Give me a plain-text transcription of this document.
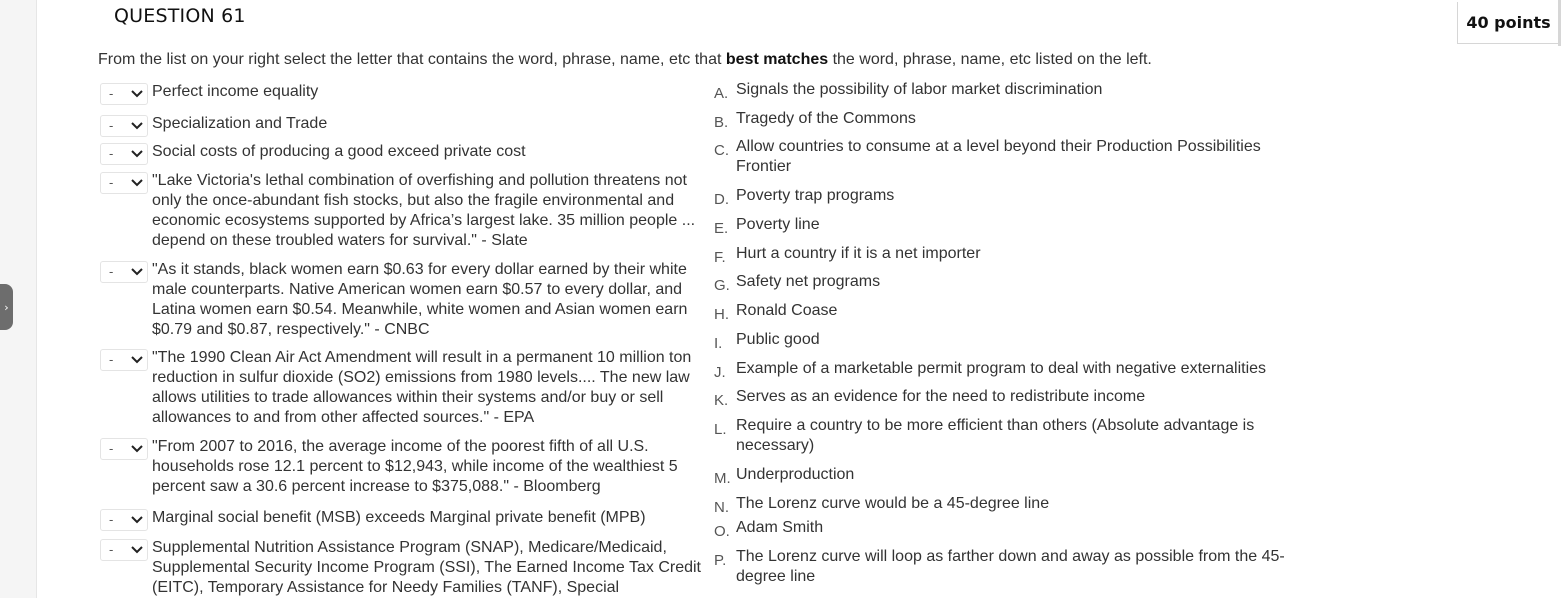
›
QUESTION 61	40 points
From the list on your right select the letter that contains the word, phrase, name, etc that best matches the word, phrase, name, etc listed on the left.
- Perfect income equality
- Specialization and Trade
- Social costs of producing a good exceed private cost
- "Lake Victoria's lethal combination of overfishing and pollution threatens not only the once-abundant fish stocks, but also the fragile environmental and economic ecosystems supported by Africa’s largest lake. 35 million people ... depend on these troubled waters for survival." - Slate
- "As it stands, black women earn $0.63 for every dollar earned by their white male counterparts. Native American women earn $0.57 to every dollar, and Latina women earn $0.54. Meanwhile, white women and Asian women earn $0.79 and $0.87, respectively." - CNBC
- "The 1990 Clean Air Act Amendment will result in a permanent 10 million ton reduction in sulfur dioxide (SO2) emissions from 1980 levels.... The new law allows utilities to trade allowances within their systems and/or buy or sell allowances to and from other affected sources." - EPA
- "From 2007 to 2016, the average income of the poorest fifth of all U.S. households rose 12.1 percent to $12,943, while income of the wealthiest 5 percent saw a 30.6 percent increase to $375,088." - Bloomberg
- Marginal social benefit (MSB) exceeds Marginal private benefit (MPB)
- Supplemental Nutrition Assistance Program (SNAP), Medicare/Medicaid, Supplemental Security Income Program (SSI), The Earned Income Tax Credit (EITC), Temporary Assistance for Needy Families (TANF), Special
A. Signals the possibility of labor market discrimination
B. Tragedy of the Commons
C. Allow countries to consume at a level beyond their Production Possibilities Frontier
D. Poverty trap programs
E. Poverty line
F. Hurt a country if it is a net importer
G. Safety net programs
H. Ronald Coase
I. Public good
J. Example of a marketable permit program to deal with negative externalities
K. Serves as an evidence for the need to redistribute income
L. Require a country to be more efficient than others (Absolute advantage is necessary)
M. Underproduction
N. The Lorenz curve would be a 45-degree line
O. Adam Smith
P. The Lorenz curve will loop as farther down and away as possible from the 45-degree line
